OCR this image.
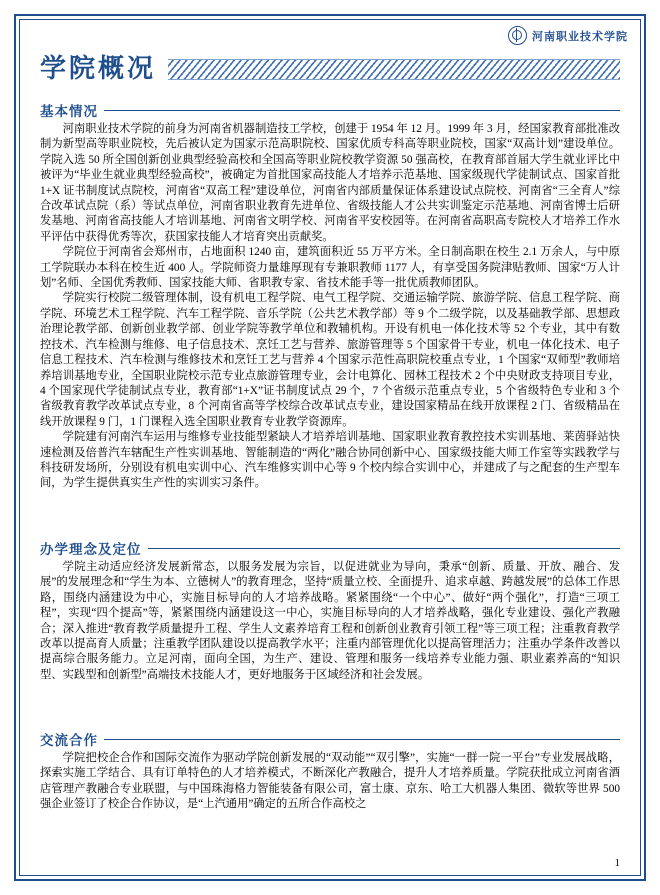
河南职业技术学院
学院概况
基本情况

河南职业技术学院的前身为河南省机器制造技工学校，创建于 1954 年 12 月。1999 年 3 月，经国家教育部批准改制为新型高等职业院校，先后被认定为国家示范高职院校、国家优质专科高等职业院校，国家“双高计划”建设单位。学院入选 50 所全国创新创业典型经验高校和全国高等职业院校教学资源 50 强高校，在教育部首届大学生就业评比中被评为“毕业生就业典型经验高校”，被确定为首批国家高技能人才培养示范基地、国家级现代学徒制试点、国家首批 1+X 证书制度试点院校，河南省“双高工程”建设单位，河南省内部质量保证体系建设试点院校、河南省“三全育人”综合改革试点院（系）等试点单位，河南省职业教育先进单位、省级技能人才公共实训鉴定示范基地、河南省博士后研发基地、河南省高技能人才培训基地、河南省文明学校、河南省平安校园等。在河南省高职高专院校人才培养工作水平评估中获得优秀等次，获国家技能人才培育突出贡献奖。

学院位于河南省会郑州市，占地面积 1240 亩，建筑面积近 55 万平方米。全日制高职在校生 2.1 万余人，与中原工学院联办本科在校生近 400 人。学院师资力量雄厚现有专兼职教师 1177 人，有享受国务院津贴教师、国家“万人计划”名师、全国优秀教师、国家技能大师、省职教专家、省技术能手等一批优质教师团队。

学院实行校院二级管理体制，设有机电工程学院、电气工程学院、交通运输学院、旅游学院、信息工程学院、商学院、环境艺术工程学院、汽车工程学院、音乐学院（公共艺术教学部）等 9 个二级学院，以及基础教学部、思想政治理论教学部、创新创业教学部、创业学院等教学单位和教辅机构。开设有机电一体化技术等 52 个专业，其中有数控技术、汽车检测与维修、电子信息技术、烹饪工艺与营养、旅游管理等 5 个国家骨干专业，机电一体化技术、电子信息工程技术、汽车检测与维修技术和烹饪工艺与营养 4 个国家示范性高职院校重点专业，1 个国家“双师型”教师培养培训基地专业，全国职业院校示范专业点旅游管理专业，会计电算化、园林工程技术 2 个中央财政支持项目专业，4 个国家现代学徒制试点专业，教育部“1+X”证书制度试点 29 个，7 个省级示范重点专业，5 个省级特色专业和 3 个省级教育教学改革试点专业，8 个河南省高等学校综合改革试点专业，建设国家精品在线开放课程 2 门、省级精品在线开放课程 9 门，1 门课程入选全国职业教育专业教学资源库。

学院建有河南汽车运用与维修专业技能型紧缺人才培养培训基地、国家职业教育教控技术实训基地、莱茵驿站快速检测及倍普汽车辖配生产性实训基地、智能制造的“两化”融合协同创新中心、国家级技能大师工作室等实践教学与科技研发场所，分别设有机电实训中心、汽车维修实训中心等 9 个校内综合实训中心，并建成了与之配套的生产型车间，为学生提供真实生产性的实训实习条件。

办学理念及定位

学院主动适应经济发展新常态，以服务发展为宗旨，以促进就业为导向，秉承“创新、质量、开放、融合、发展”的发展理念和“学生为本、立德树人”的教育理念，坚持“质量立校、全面提升、追求卓越、跨越发展”的总体工作思路，围绕内涵建设为中心，实施目标导向的人才培养战略。紧紧围绕“一个中心”、做好“两个强化”，打造“三项工程”，实现“四个提高”等，紧紧围绕内涵建设这一中心，实施目标导向的人才培养战略，强化专业建设、强化产教融合；深入推进“教育教学质量提升工程、学生人文素养培育工程和创新创业教育引领工程”等三项工程；注重教育教学改革以提高育人质量；注重教学团队建设以提高教学水平；注重内部管理优化以提高管理活力；注重办学条件改善以提高综合服务能力。立足河南，面向全国，为生产、建设、管理和服务一线培养专业能力强、职业素养高的“知识型、实践型和创新型”高端技术技能人才，更好地服务于区域经济和社会发展。

交流合作

学院把校企合作和国际交流作为驱动学院创新发展的“双动能”“双引擎”，实施“一群一院一平台”专业发展战略，探索实施工学结合、具有订单特色的人才培养模式，不断深化产教融合，提升人才培养质量。学院获批成立河南省酒店管理产教融合专业联盟，与中国珠海格力智能装备有限公司，富士康、京东、哈工大机器人集团、微软等世界 500 强企业签订了校企合作协议，是“上汽通用”确定的五所合作高校之

1
